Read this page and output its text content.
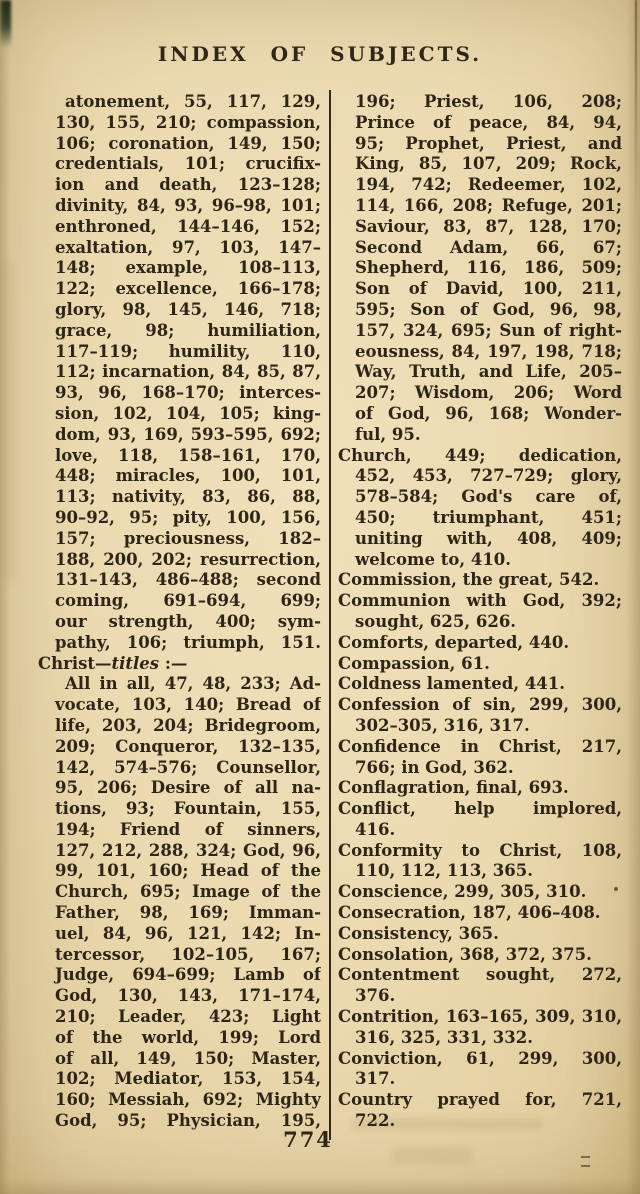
INDEX OF SUBJECTS.
atonement, 55, 117, 129,
130, 155, 210; compassion,
106; coronation, 149, 150;
credentials, 101; crucifix-
ion and death, 123–128;
divinity, 84, 93, 96–98, 101;
enthroned, 144–146, 152;
exaltation, 97, 103, 147–
148; example, 108–113,
122; excellence, 166–178;
glory, 98, 145, 146, 718;
grace, 98; humiliation,
117–119; humility, 110,
112; incarnation, 84, 85, 87,
93, 96, 168–170; interces-
sion, 102, 104, 105; king-
dom, 93, 169, 593–595, 692;
love, 118, 158–161, 170,
448; miracles, 100, 101,
113; nativity, 83, 86, 88,
90–92, 95; pity, 100, 156,
157; preciousness, 182–
188, 200, 202; resurrection,
131–143, 486–488; second
coming, 691–694, 699;
our strength, 400; sym-
pathy, 106; triumph, 151.
Christ—titles :—
All in all, 47, 48, 233; Ad-
vocate, 103, 140; Bread of
life, 203, 204; Bridegroom,
209; Conqueror, 132–135,
142, 574–576; Counsellor,
95, 206; Desire of all na-
tions, 93; Fountain, 155,
194; Friend of sinners,
127, 212, 288, 324; God, 96,
99, 101, 160; Head of the
Church, 695; Image of the
Father, 98, 169; Imman-
uel, 84, 96, 121, 142; In-
tercessor, 102–105, 167;
Judge, 694–699; Lamb of
God, 130, 143, 171–174,
210; Leader, 423; Light
of the world, 199; Lord
of all, 149, 150; Master,
102; Mediator, 153, 154,
160; Messiah, 692; Mighty
God, 95; Physician, 195,
196; Priest, 106, 208;
Prince of peace, 84, 94,
95; Prophet, Priest, and
King, 85, 107, 209; Rock,
194, 742; Redeemer, 102,
114, 166, 208; Refuge, 201;
Saviour, 83, 87, 128, 170;
Second Adam, 66, 67;
Shepherd, 116, 186, 509;
Son of David, 100, 211,
595; Son of God, 96, 98,
157, 324, 695; Sun of right-
eousness, 84, 197, 198, 718;
Way, Truth, and Life, 205–
207; Wisdom, 206; Word
of God, 96, 168; Wonder-
ful, 95.
Church, 449; dedication,
452, 453, 727–729; glory,
578–584; God's care of,
450; triumphant, 451;
uniting with, 408, 409;
welcome to, 410.
Commission, the great, 542.
Communion with God, 392;
sought, 625, 626.
Comforts, departed, 440.
Compassion, 61.
Coldness lamented, 441.
Confession of sin, 299, 300,
302–305, 316, 317.
Confidence in Christ, 217,
766; in God, 362.
Conflagration, final, 693.
Conflict, help implored,
416.
Conformity to Christ, 108,
110, 112, 113, 365.
Conscience, 299, 305, 310.
Consecration, 187, 406–408.
Consistency, 365.
Consolation, 368, 372, 375.
Contentment sought, 272,
376.
Contrition, 163–165, 309, 310,
316, 325, 331, 332.
Conviction, 61, 299, 300,
317.
Country prayed for, 721,
722.
774
